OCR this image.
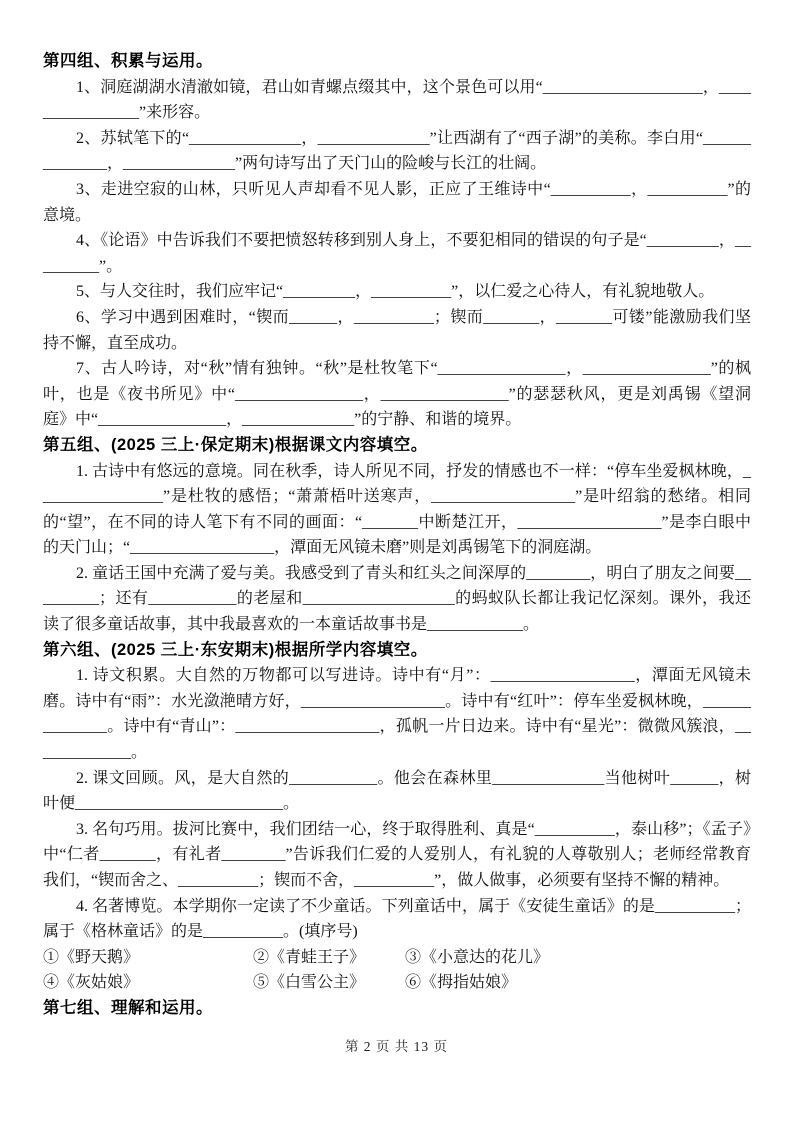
第四组、积累与运用。

1、洞庭湖湖水清澈如镜，君山如青螺点缀其中，这个景色可以用“____________________，________________”来形容。

2、苏轼笔下的“______________，______________”让西湖有了“西子湖”的美称。李白用“______________，______________”两句诗写出了天门山的险峻与长江的壮阔。

3、走进空寂的山林，只听见人声却看不见人影，正应了王维诗中“__________，__________”的意境。

4、《论语》中告诉我们不要把愤怒转移到别人身上，不要犯相同的错误的句子是“_________，_________”。

5、与人交往时，我们应牢记“_________，__________”，以仁爱之心待人，有礼貌地敬人。

6、学习中遇到困难时，“锲而______，__________；锲而_______，_______可镂”能激励我们坚持不懈，直至成功。

7、古人吟诗，对“秋”情有独钟。“秋”是杜牧笔下“________________，________________”的枫叶，也是《夜书所见》中“________________，________________”的瑟瑟秋风，更是刘禹锡《望洞庭》中“________________，______________”的宁静、和谐的境界。

第五组、(2025 三上·保定期末)根据课文内容填空。

1. 古诗中有悠远的意境。同在秋季，诗人所见不同，抒发的情感也不一样：“停车坐爱枫林晚，________________”是杜牧的感悟；“萧萧梧叶送寒声，__________________”是叶绍翁的愁绪。相同的“望”，在不同的诗人笔下有不同的画面：“_______中断楚江开，__________________”是李白眼中的天门山；“__________________，潭面无风镜未磨”则是刘禹锡笔下的洞庭湖。

2. 童话王国中充满了爱与美。我感受到了青头和红头之间深厚的________，明白了朋友之间要_________；还有___________的老屋和___________________的蚂蚁队长都让我记忆深刻。课外，我还读了很多童话故事，其中我最喜欢的一本童话故事书是____________。

第六组、(2025 三上·东安期末)根据所学内容填空。

1. 诗文积累。大自然的万物都可以写进诗。诗中有“月”：__________________，潭面无风镜未磨。诗中有“雨”：水光潋滟晴方好，__________________。诗中有“红叶”：停车坐爱枫林晚，______________。诗中有“青山”：__________________，孤帆一片日边来。诗中有“星光”：微微风簇浪，_____________。

2. 课文回顾。风，是大自然的___________。他会在森林里______________当他树叶______，树叶便__________________________。

3. 名句巧用。拔河比赛中，我们团结一心，终于取得胜利、真是“__________，泰山移”；《孟子》中“仁者_______，有礼者________”告诉我们仁爱的人爱别人，有礼貌的人尊敬别人；老师经常教育我们，“锲而舍之、__________；锲而不舍，__________”，做人做事，必须要有坚持不懈的精神。

4. 名著博览。本学期你一定读了不少童话。下列童话中，属于《安徒生童话》的是__________；属于《格林童话》的是__________。(填序号)

①《野天鹅》	②《青蛙王子》	③《小意达的花儿》
④《灰姑娘》	⑤《白雪公主》	⑥《拇指姑娘》
第七组、理解和运用。
第 2 页 共 13 页
